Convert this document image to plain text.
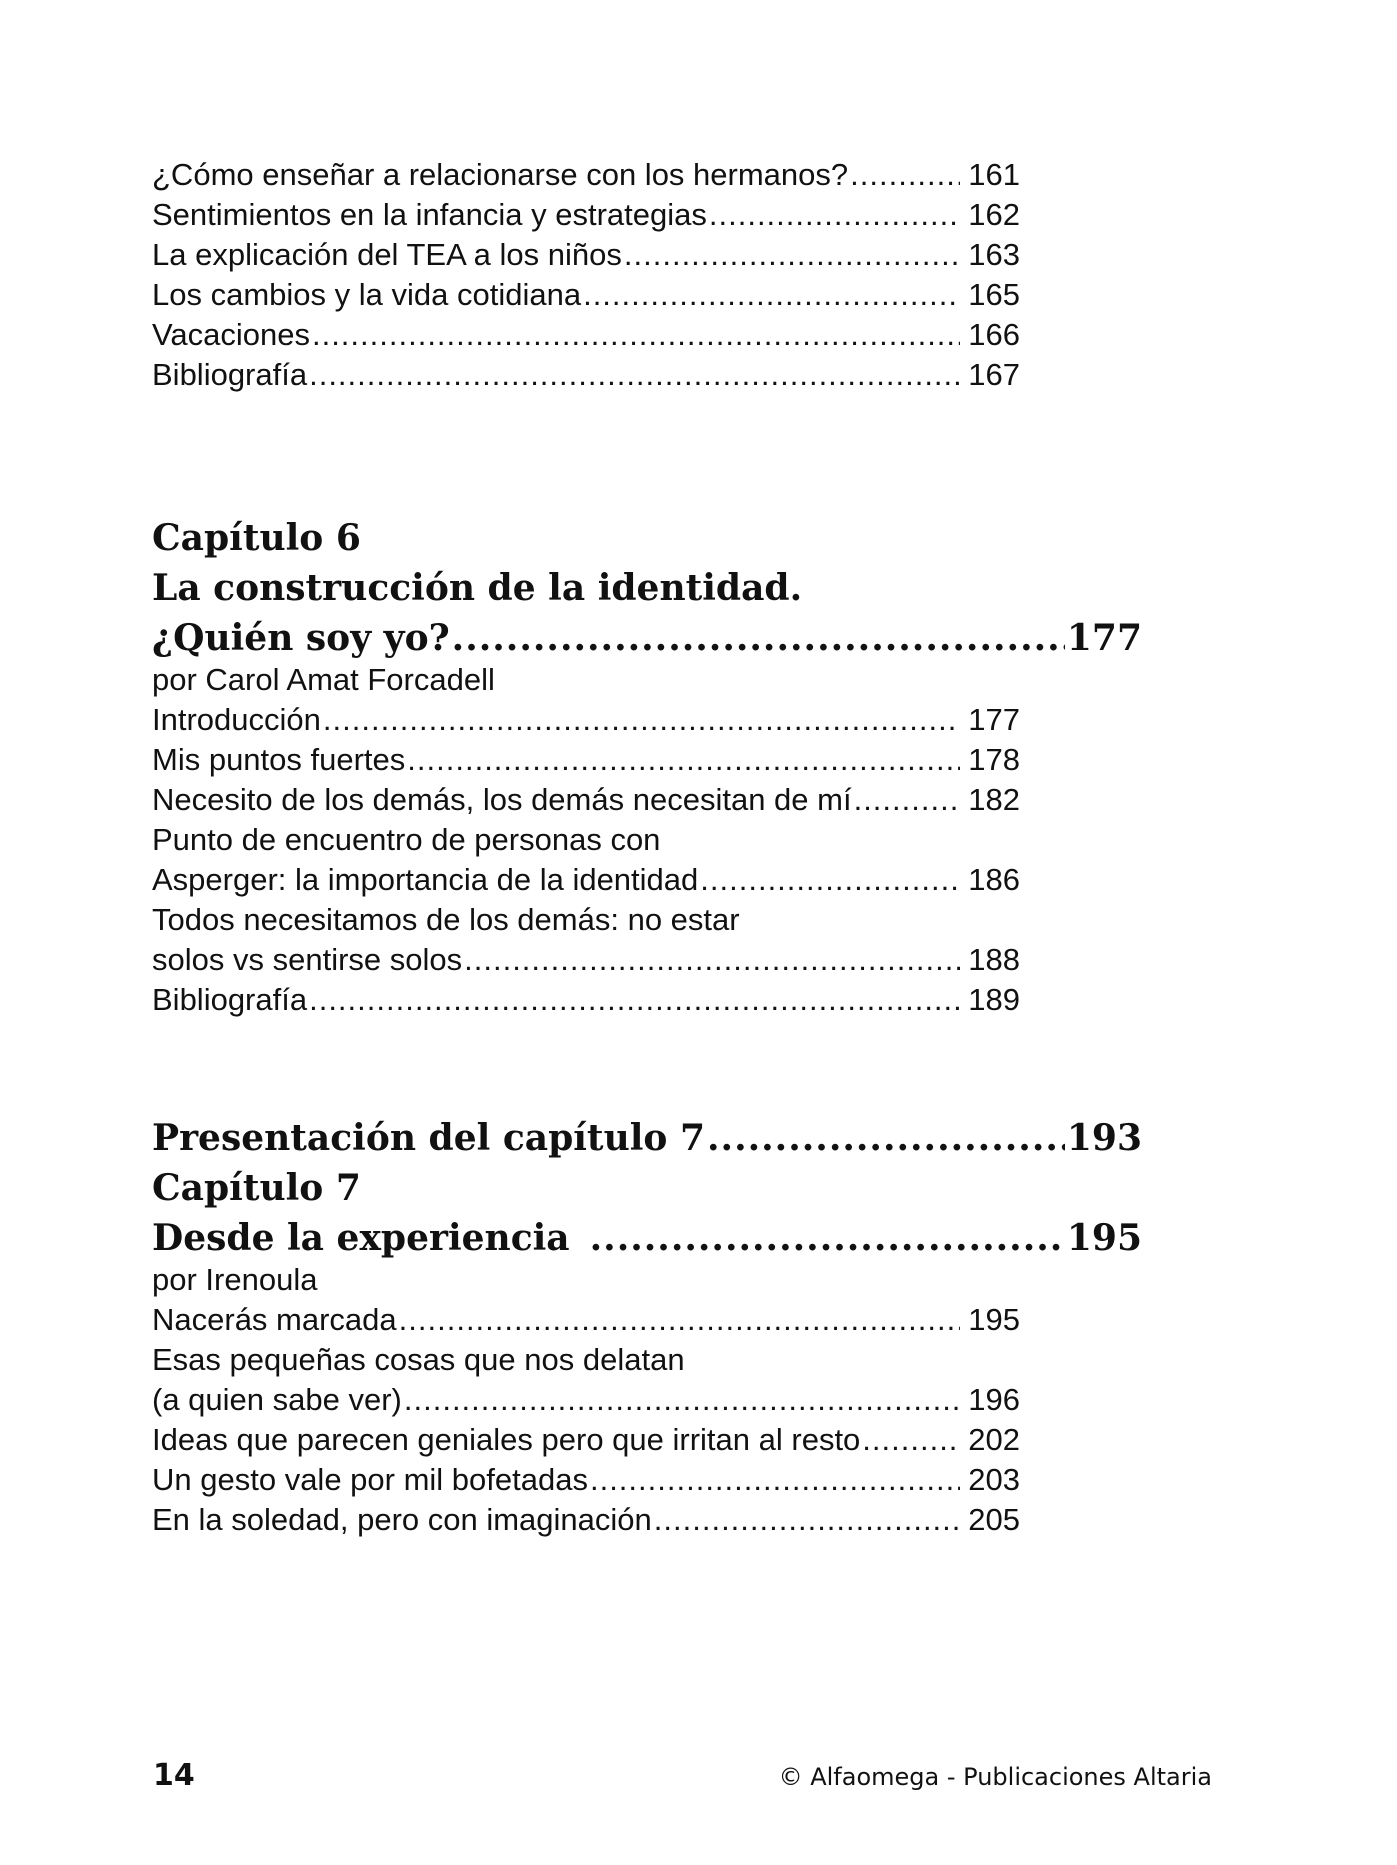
¿Cómo enseñar a relacionarse con los hermanos? .....	161
Sentimientos en la infancia y estrategias .....	162
La explicación del TEA a los niños .....	163
Los cambios y la vida cotidiana .....	165
Vacaciones .....	166
Bibliografía .....	167
Capítulo 6
La construcción de la identidad.
¿Quién soy yo? .....	177
por Carol Amat Forcadell
Introducción .....	177
Mis puntos fuertes .....	178
Necesito de los demás, los demás necesitan de mí .....	182
Punto de encuentro de personas con
Asperger: la importancia de la identidad .....	186
Todos necesitamos de los demás: no estar
solos vs sentirse solos .....	188
Bibliografía .....	189
Presentación del capítulo 7 .....	193
Capítulo 7
Desde la experiencia .....	195
por Irenoula
Nacerás marcada .....	195
Esas pequeñas cosas que nos delatan
(a quien sabe ver) .....	196
Ideas que parecen geniales pero que irritan al resto .....	202
Un gesto vale por mil bofetadas .....	203
En la soledad, pero con imaginación .....	205
14	© Alfaomega - Publicaciones Altaria
